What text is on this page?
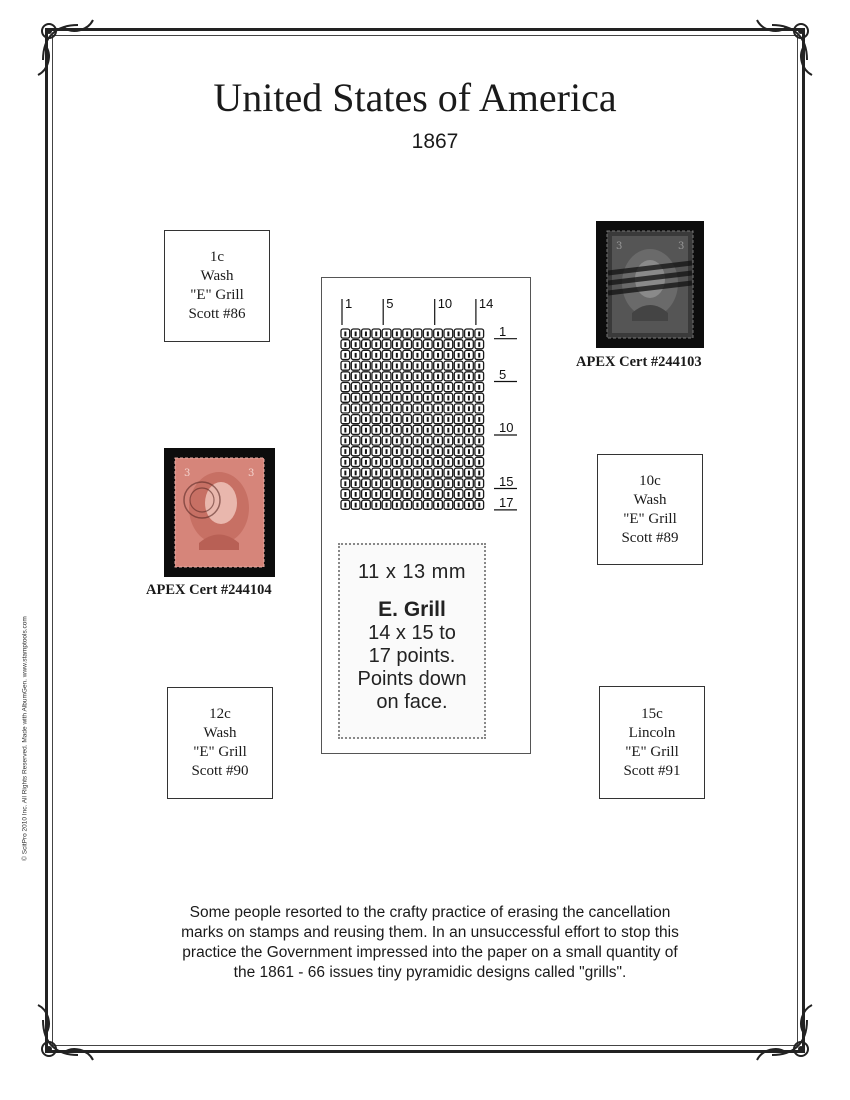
United States of America
1867
1c
Wash
"E" Grill
Scott #86
3	3
APEX Cert #244103
3	3
APEX Cert #244104
10c
Wash
"E" Grill
Scott #89
12c
Wash
"E" Grill
Scott #90
15c
Lincoln
"E" Grill
Scott #91
1	5	10 14
1
5
10
15
17
11 x 13 mm
E. Grill
14 x 15 to
17 points.
Points down
on face.
Some people resorted to the crafty practice of erasing the cancellation
marks on stamps and reusing them. In an unsuccessful effort to stop this
practice the Government impressed into the paper on a small quantity of
the 1861 - 66 issues tiny pyramidic designs called "grills".
© ScitPro 2010 Inc. All Rights Reserved. Made with AlbumGen. www.stamptools.com
